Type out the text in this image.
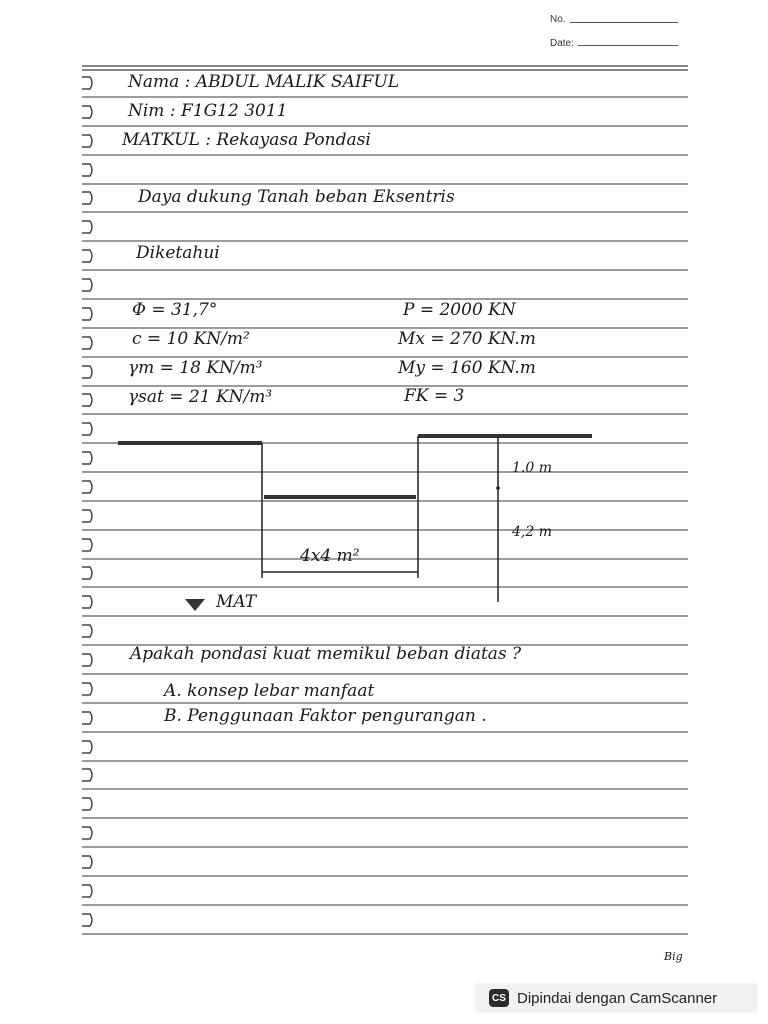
No.
Date:
Nama : ABDUL MALIK SAIFUL
Nim : F1G12 3011
MATKUL : Rekayasa Pondasi
Daya dukung Tanah beban Eksentris
Diketahui
Φ = 31,7°
c = 10 KN/m²
γm = 18 KN/m³
γsat = 21 KN/m³
P = 2000 KN
Mx = 270 KN.m
My = 160 KN.m
FK = 3
1.0 m
4,2 m
4x4 m²
MAT
Apakah pondasi kuat memikul beban diatas ?
A. konsep lebar manfaat
B. Penggunaan Faktor pengurangan .
Big
CS Dipindai dengan CamScanner
